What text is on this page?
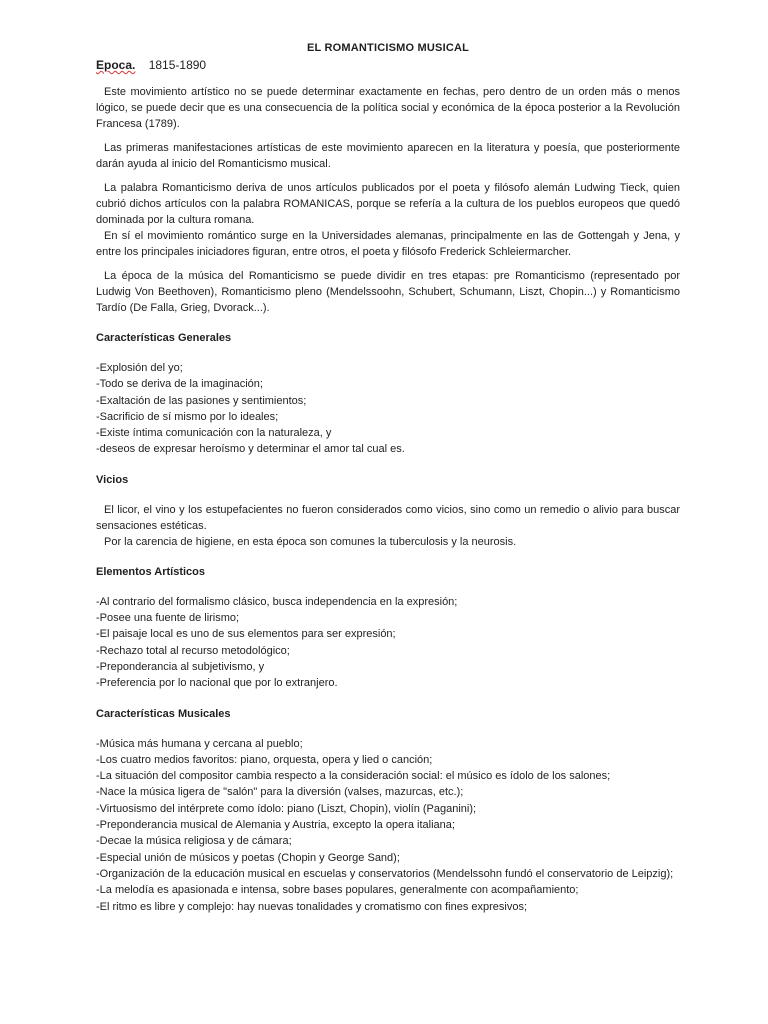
EL ROMANTICISMO MUSICAL
Epoca. 1815-1890

Este movimiento artístico no se puede determinar exactamente en fechas, pero dentro de un orden más o menos lógico, se puede decir que es una consecuencia de la política social y económica de la época posterior a la Revolución Francesa (1789).

Las primeras manifestaciones artísticas de este movimiento aparecen en la literatura y poesía, que posteriormente darán ayuda al inicio del Romanticismo musical.

La palabra Romanticismo deriva de unos artículos publicados por el poeta y filósofo alemán Ludwing Tieck, quien cubrió dichos artículos con la palabra ROMANICAS, porque se refería a la cultura de los pueblos europeos que quedó dominada por la cultura romana.

En sí el movimiento romántico surge en la Universidades alemanas, principalmente en las de Gottengah y Jena, y entre los principales iniciadores figuran, entre otros, el poeta y filósofo Frederick Schleiermarcher.

La época de la música del Romanticismo se puede dividir en tres etapas: pre Romanticismo (representado por Ludwig Von Beethoven), Romanticismo pleno (Mendelssoohn, Schubert, Schumann, Liszt, Chopin...) y Romanticismo Tardío (De Falla, Grieg, Dvorack...).

Características Generales
-Explosión del yo;
-Todo se deriva de la imaginación;
-Exaltación de las pasiones y sentimientos;
-Sacrificio de sí mismo por lo ideales;
-Existe íntima comunicación con la naturaleza, y
-deseos de expresar heroísmo y determinar el amor tal cual es.
Vicios

El licor, el vino y los estupefacientes no fueron considerados como vicios, sino como un remedio o alivio para buscar sensaciones estéticas.

Por la carencia de higiene, en esta época son comunes la tuberculosis y la neurosis.

Elementos Artísticos
-Al contrario del formalismo clásico, busca independencia en la expresión;
-Posee una fuente de lirismo;
-El paisaje local es uno de sus elementos para ser expresión;
-Rechazo total al recurso metodológico;
-Preponderancia al subjetivismo, y
-Preferencia por lo nacional que por lo extranjero.
Características Musicales
-Música más humana y cercana al pueblo;
-Los cuatro medios favoritos: piano, orquesta, opera y lied o canción;
-La situación del compositor cambia respecto a la consideración social: el músico es ídolo de los salones;
-Nace la música ligera de "salón" para la diversión (valses, mazurcas, etc.);
-Virtuosismo del intérprete como ídolo: piano (Liszt, Chopin), violín (Paganini);
-Preponderancia musical de Alemania y Austria, excepto la opera italiana;
-Decae la música religiosa y de cámara;
-Especial unión de músicos y poetas (Chopin y George Sand);
-Organización de la educación musical en escuelas y conservatorios (Mendelssohn fundó el conservatorio de Leipzig);
-La melodía es apasionada e intensa, sobre bases populares, generalmente con acompañamiento;
-El ritmo es libre y complejo: hay nuevas tonalidades y cromatismo con fines expresivos;
